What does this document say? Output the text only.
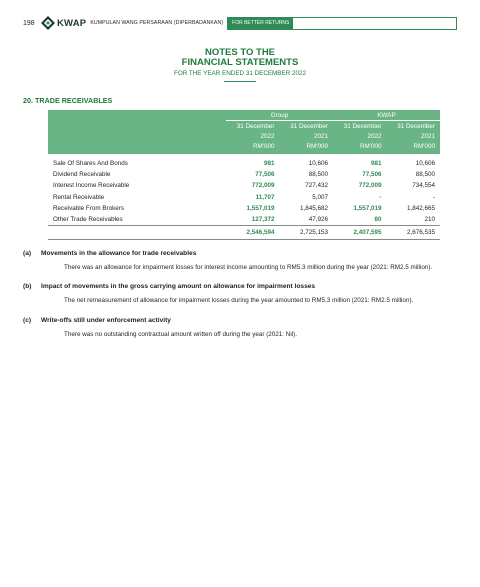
198	KWAP KUMPULAN WANG PERSARAAN (DIPERBADANKAN)	FOR BETTER RETURNS
NOTES TO THE
FINANCIAL STATEMENTS
FOR THE YEAR ENDED 31 DECEMBER 2022
20. TRADE RECEIVABLES
	Group		KWAP	
	31 December	31 December	31 December	31 December
	2022	2021	2022	2021
	RM'000	RM'000	RM'000	RM'000
Sale Of Shares And Bonds	981	10,606	981	10,606
Dividend Receivable	77,506	88,500	77,506	88,500
Interest Income Receivable	772,009	727,432	772,009	734,554
Rental Receivable	11,707	5,007	-	-
Receivable From Brokers	1,557,019	1,845,682	1,557,019	1,842,665
Other Trade Receivables	127,372	47,926	80	210
	2,546,594	2,725,153	2,407,595	2,676,535
(a)	Movements in the allowance for trade receivables
There was an allowance for impairment losses for interest income amounting to RM5.3 million during the year (2021: RM2.5 million).
(b)	Impact of movements in the gross carrying amount on allowance for impairment losses
The net remeasurement of allowance for impairment losses during the year amounted to RM5.3 million (2021: RM2.5 million).
(c)	Write-offs still under enforcement activity
There was no outstanding contractual amount written off during the year (2021: Nil).
